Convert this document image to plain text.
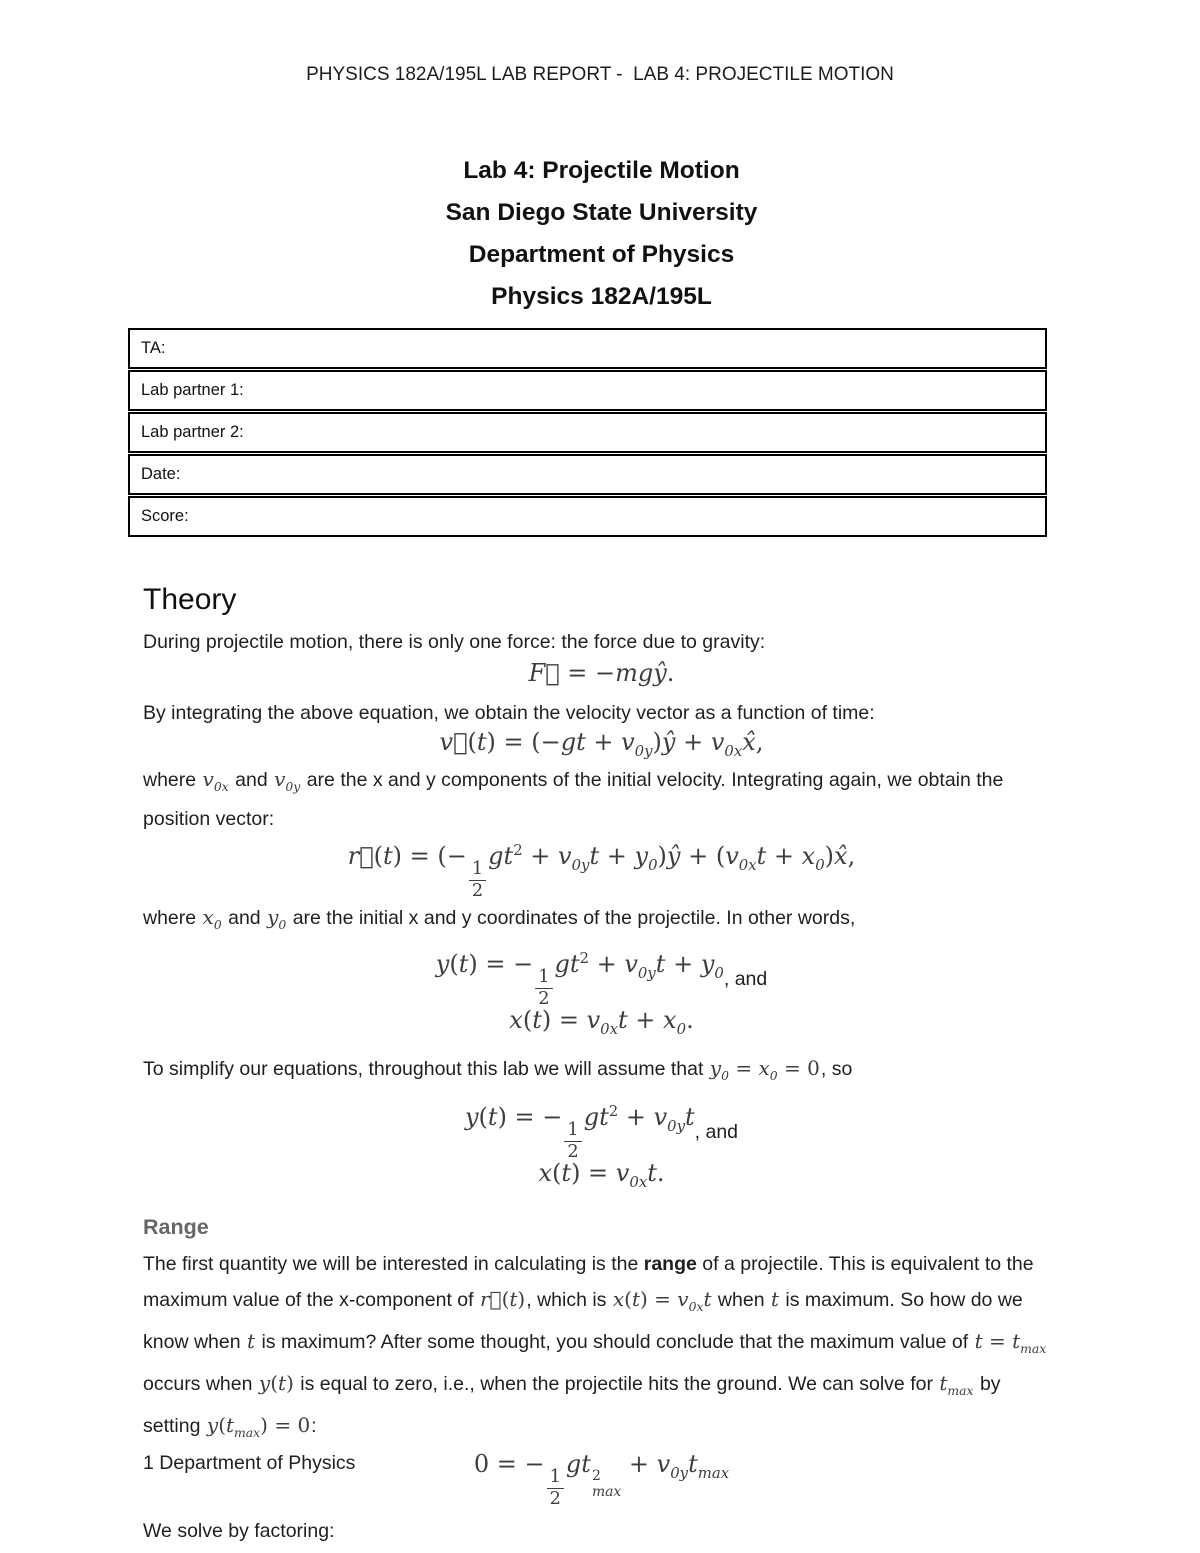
PHYSICS 182A/195L LAB REPORT -  LAB 4: PROJECTILE MOTION
Lab 4: Projectile Motion
San Diego State University
Department of Physics
Physics 182A/195L
TA:
Lab partner 1:
Lab partner 2:
Date:
Score:
Theory
During projectile motion, there is only one force: the force due to gravity:
F⃗ = −mgŷ.
By integrating the above equation, we obtain the velocity vector as a function of time:
v⃗(t) = $(-gt + v_{0y})ŷ$ + $v_{0x}x̂$,
where $v_{0x}$ and $v_{0y}$ are the x and y components of the initial velocity. Integrating again, we obtain the position vector:
r⃗(t) = (−
$\frac{1}{2}$
$gt^2 + v_{0y}t$ + $y_0)ŷ + (v_{0x}t$ + $x_0)x̂$,
where $x_0$ and $y_0$ are the initial x and y coordinates of the projectile. In other words,
y(t) = −
$\frac{1}{2}$
$gt^2 + v_{0y}t + y_0$, and
$x(t) = v_{0x}t + x_0$.
To simplify our equations, throughout this lab we will assume that $y_0 = x_0 = 0$, so
y(t) = −
$\frac{1}{2}$
$gt^2 + v_{0y}t$, and
$x(t) = v_{0x}t$.
Range
The first quantity we will be interested in calculating is the range of a projectile. This is equivalent to the maximum value of the x-component of r⃗(t), which is $x(t) = v_{0x}t$ when t is maximum. So how do we know when t is maximum? After some thought, you should conclude that the maximum value of $t = t_{max}$ occurs when y(t) is equal to zero, i.e., when the projectile hits the ground. We can solve for $t_{max}$ by setting $y(t_{max}) = 0$:
0 = −
$\frac{1}{2}$
gt 2
max
+ $v_{0y}t_{max}$
We solve by factoring:
1 Department of Physics
